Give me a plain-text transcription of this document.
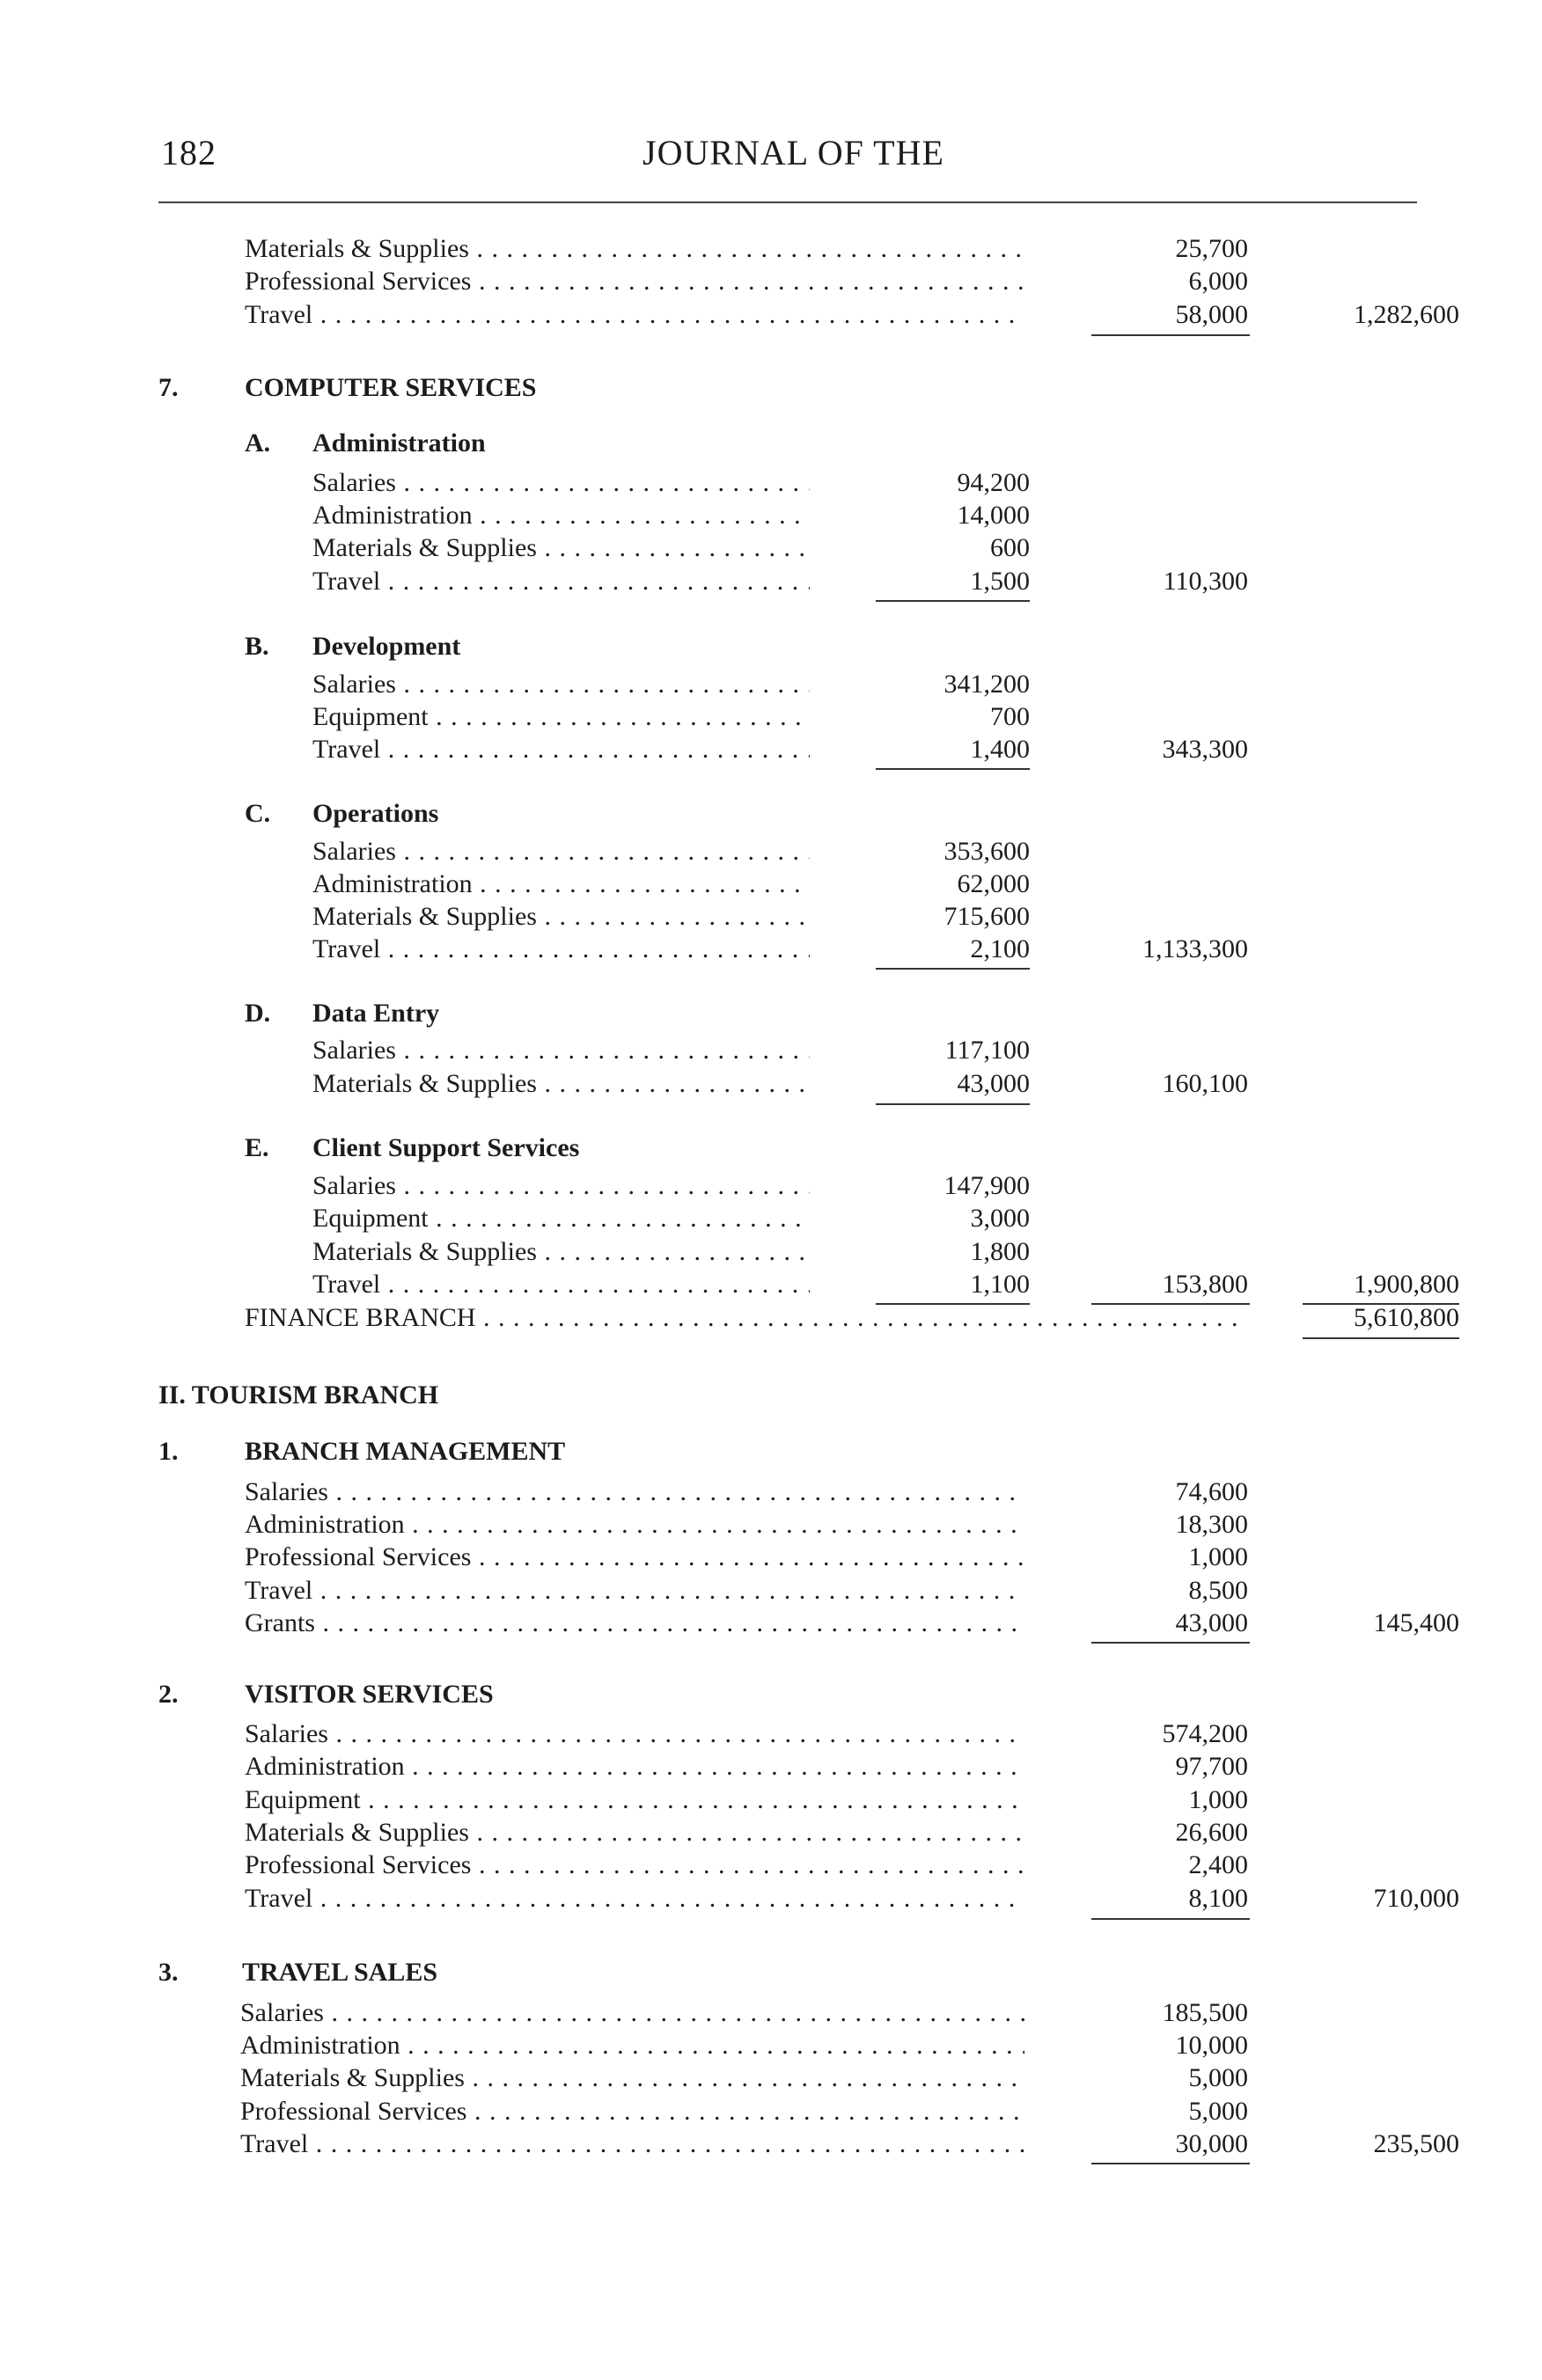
182	JOURNAL OF THE
Materials & Supplies . . .	25,700
Professional Services . . .	6,000
Travel . . .	58,000	1,282,600
7.	COMPUTER SERVICES
A. Administration
Salaries . . .	94,200
Administration . . .	14,000
Materials & Supplies . . .	600
Travel . . .	1,500	110,300
B. Development
Salaries . . .	341,200
Equipment . . .	700
Travel . . .	1,400	343,300
C. Operations
Salaries . . .	353,600
Administration . . .	62,000
Materials & Supplies . . .	715,600
Travel . . .	2,100	1,133,300
D. Data Entry
Salaries . . .	117,100
Materials & Supplies . . .	43,000	160,100
E. Client Support Services
Salaries . . .	147,900
Equipment . . .	3,000
Materials & Supplies . . .	1,800
Travel . . .	1,100	153,800	1,900,800
FINANCE BRANCH . . .	5,610,800
II. TOURISM BRANCH
1.	BRANCH MANAGEMENT
Salaries . . .	74,600
Administration . . .	18,300
Professional Services . . .	1,000
Travel . . .	8,500
Grants . . .	43,000	145,400
2.	VISITOR SERVICES
Salaries . . .	574,200
Administration . . .	97,700
Equipment . . .	1,000
Materials & Supplies . . .	26,600
Professional Services . . .	2,400
Travel . . .	8,100	710,000
3. TRAVEL SALES
Salaries . . .	185,500
Administration . . .	10,000
Materials & Supplies . . .	5,000
Professional Services . . .	5,000
Travel . . .	30,000	235,500
